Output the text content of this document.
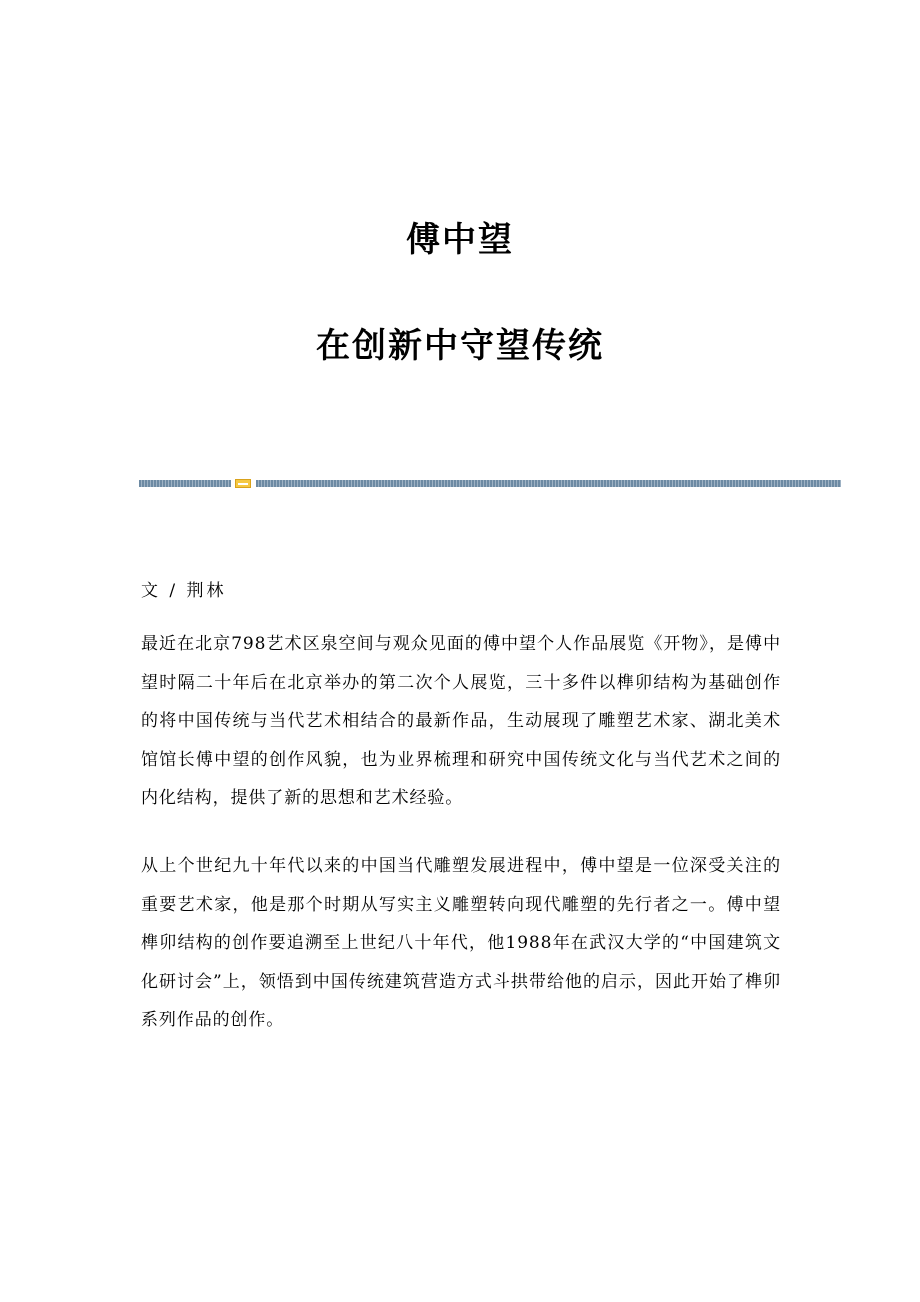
傅中望
在创新中守望传统

文 / 荆林

最近在北京798艺术区泉空间与观众见面的傅中望个人作品展览《开物》，是傅中望时隔二十年后在北京举办的第二次个人展览，三十多件以榫卯结构为基础创作的将中国传统与当代艺术相结合的最新作品，生动展现了雕塑艺术家、湖北美术馆馆长傅中望的创作风貌，也为业界梳理和研究中国传统文化与当代艺术之间的内化结构，提供了新的思想和艺术经验。

从上个世纪九十年代以来的中国当代雕塑发展进程中，傅中望是一位深受关注的重要艺术家，他是那个时期从写实主义雕塑转向现代雕塑的先行者之一。傅中望榫卯结构的创作要追溯至上世纪八十年代，他1988年在武汉大学的“中国建筑文化研讨会”上，领悟到中国传统建筑营造方式斗拱带给他的启示，因此开始了榫卯系列作品的创作。
